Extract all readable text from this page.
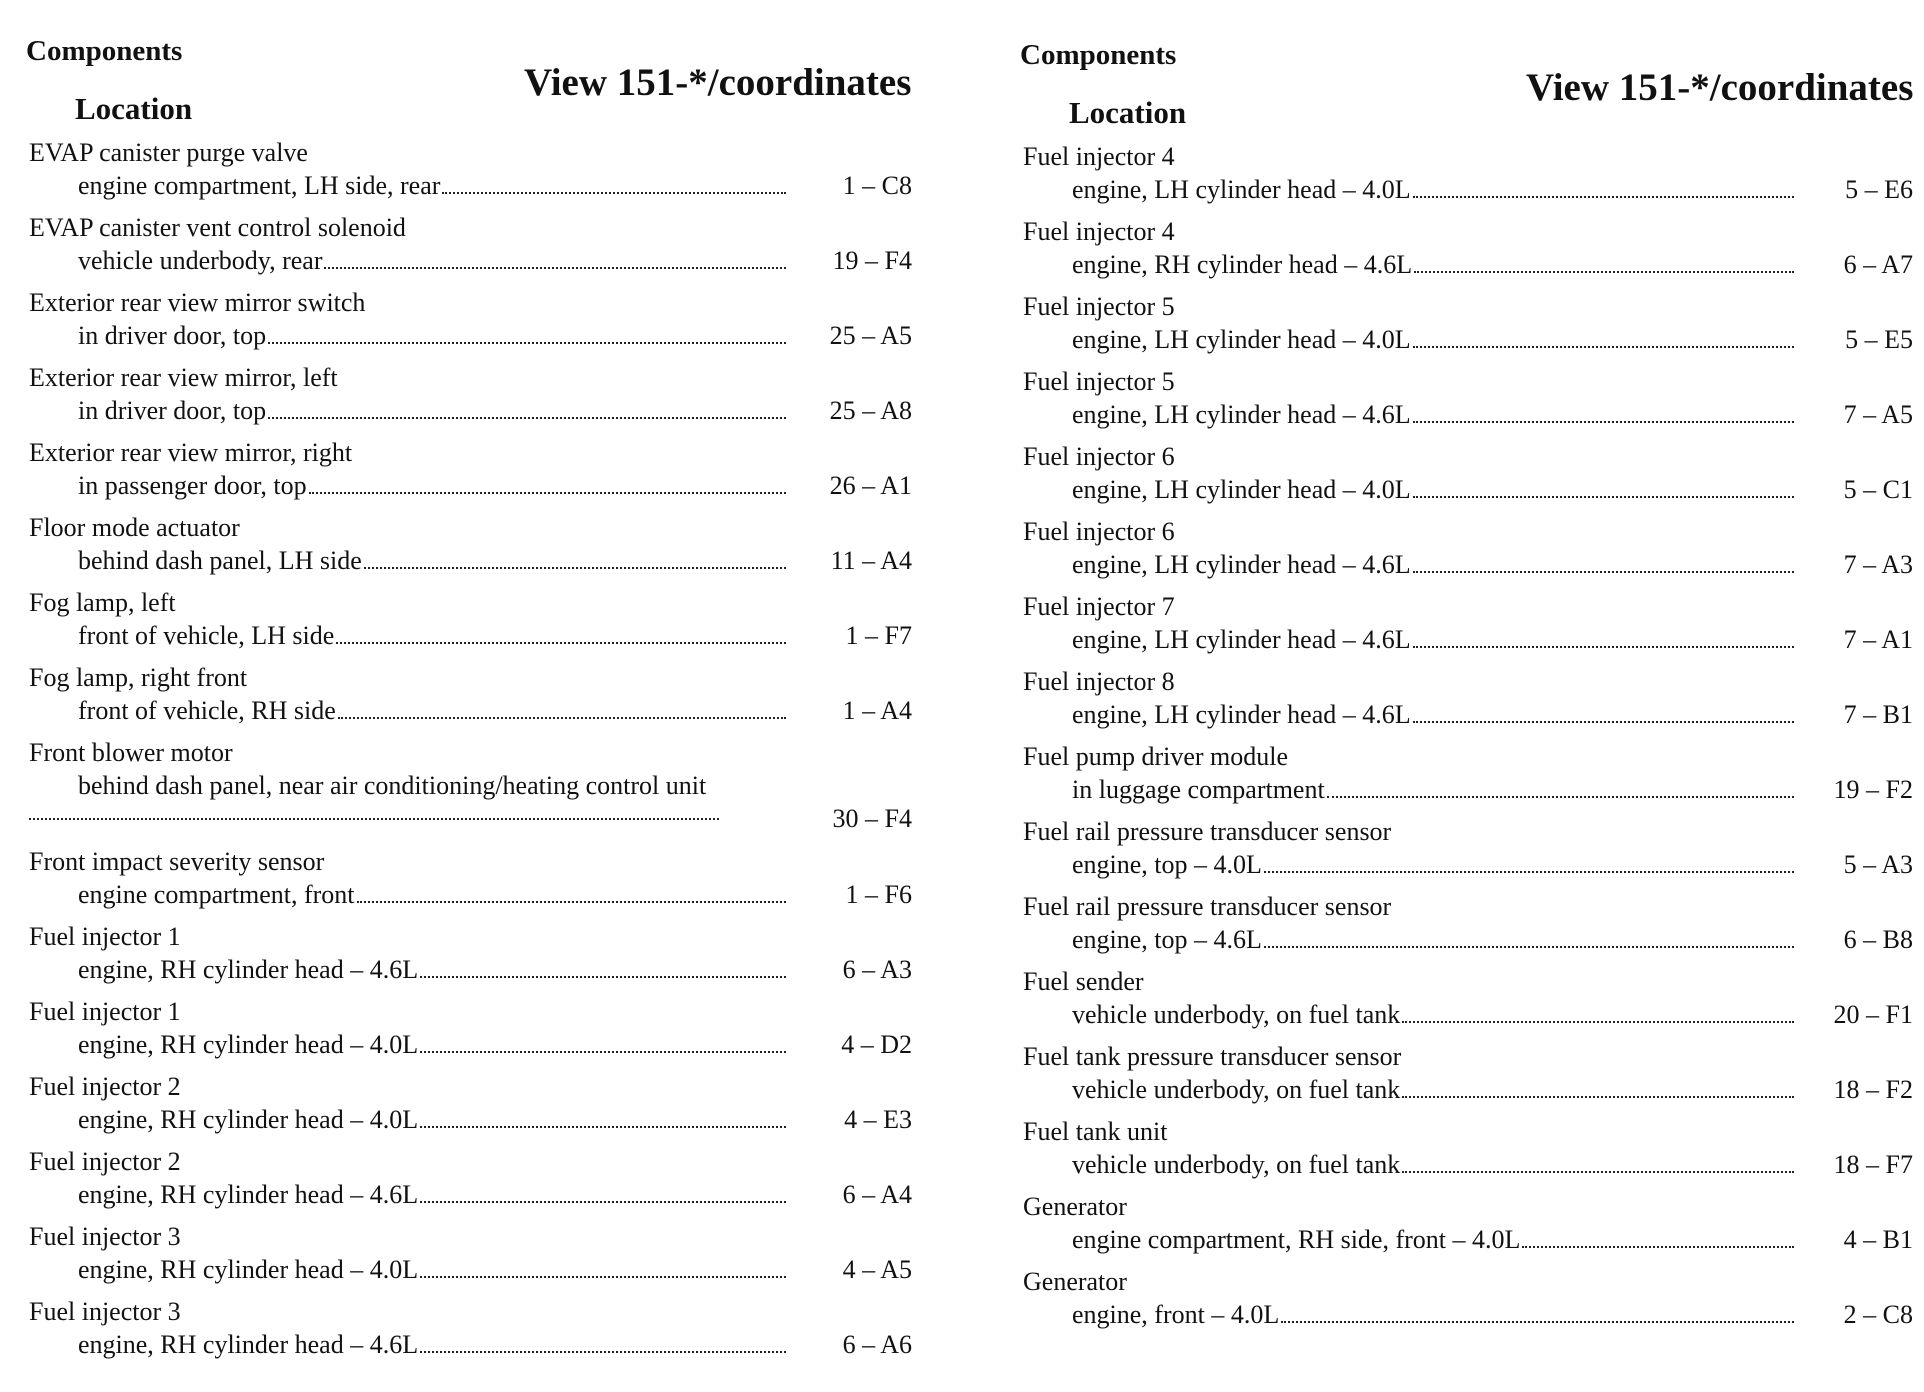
Components
Location
View 151-*/coordinates
EVAP canister purge valve
engine compartment, LH side, rear	1 – C8
EVAP canister vent control solenoid
vehicle underbody, rear	19 – F4
Exterior rear view mirror switch
in driver door, top	25 – A5
Exterior rear view mirror, left
in driver door, top	25 – A8
Exterior rear view mirror, right
in passenger door, top	26 – A1
Floor mode actuator
behind dash panel, LH side	11 – A4
Fog lamp, left
front of vehicle, LH side	1 – F7
Fog lamp, right front
front of vehicle, RH side	1 – A4
Front blower motor
behind dash panel, near air conditioning/heating control unit
30 – F4
Front impact severity sensor
engine compartment, front	1 – F6
Fuel injector 1
engine, RH cylinder head – 4.6L	6 – A3
Fuel injector 1
engine, RH cylinder head – 4.0L	4 – D2
Fuel injector 2
engine, RH cylinder head – 4.0L	4 – E3
Fuel injector 2
engine, RH cylinder head – 4.6L	6 – A4
Fuel injector 3
engine, RH cylinder head – 4.0L	4 – A5
Fuel injector 3
engine, RH cylinder head – 4.6L	6 – A6
Components
Location
View 151-*/coordinates
Fuel injector 4
engine, LH cylinder head – 4.0L	5 – E6
Fuel injector 4
engine, RH cylinder head – 4.6L	6 – A7
Fuel injector 5
engine, LH cylinder head – 4.0L	5 – E5
Fuel injector 5
engine, LH cylinder head – 4.6L	7 – A5
Fuel injector 6
engine, LH cylinder head – 4.0L	5 – C1
Fuel injector 6
engine, LH cylinder head – 4.6L	7 – A3
Fuel injector 7
engine, LH cylinder head – 4.6L	7 – A1
Fuel injector 8
engine, LH cylinder head – 4.6L	7 – B1
Fuel pump driver module
in luggage compartment	19 – F2
Fuel rail pressure transducer sensor
engine, top – 4.0L	5 – A3
Fuel rail pressure transducer sensor
engine, top – 4.6L	6 – B8
Fuel sender
vehicle underbody, on fuel tank	20 – F1
Fuel tank pressure transducer sensor
vehicle underbody, on fuel tank	18 – F2
Fuel tank unit
vehicle underbody, on fuel tank	18 – F7
Generator
engine compartment, RH side, front – 4.0L	4 – B1
Generator
engine, front – 4.0L	2 – C8
